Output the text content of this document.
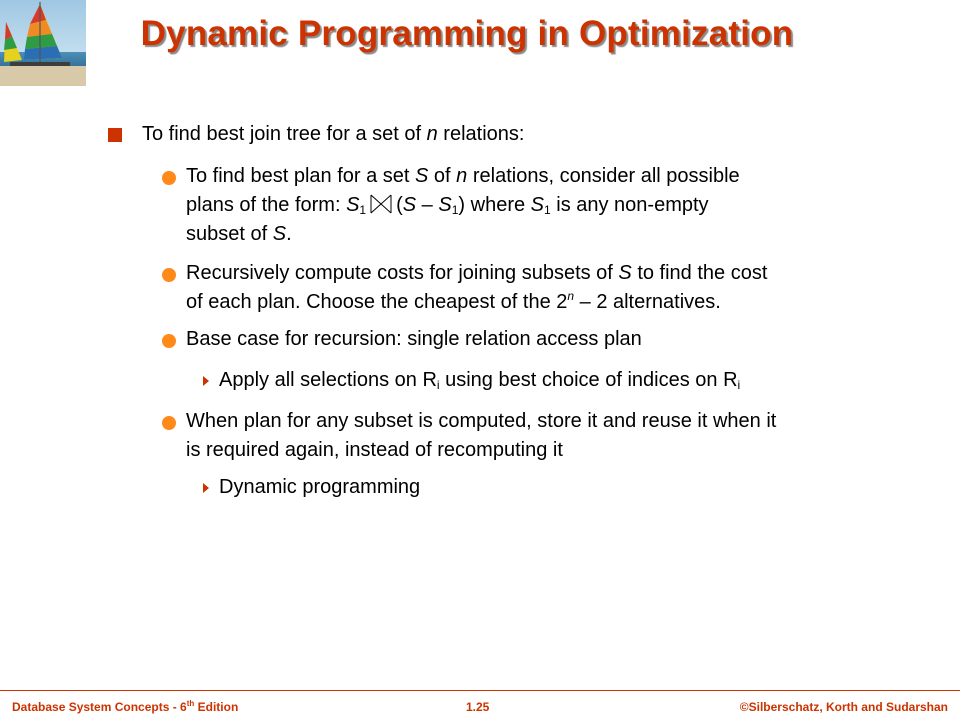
Dynamic Programming in Optimization
To find best join tree for a set of n relations:
To find best plan for a set S of n relations, consider all possible
plans of the form: $S_1$ $(S - S_1)$ where $S_1$ is any non-empty
subset of S.
Recursively compute costs for joining subsets of S to find the cost
of each plan. Choose the cheapest of the 2$^n$ – 2 alternatives.
Base case for recursion: single relation access plan
Apply all selections on $R_i$ using best choice of indices on $R_i$
When plan for any subset is computed, store it and reuse it when it
is required again, instead of recomputing it
Dynamic programming
Database System Concepts - 6th Edition	1.25	©Silberschatz, Korth and Sudarshan
